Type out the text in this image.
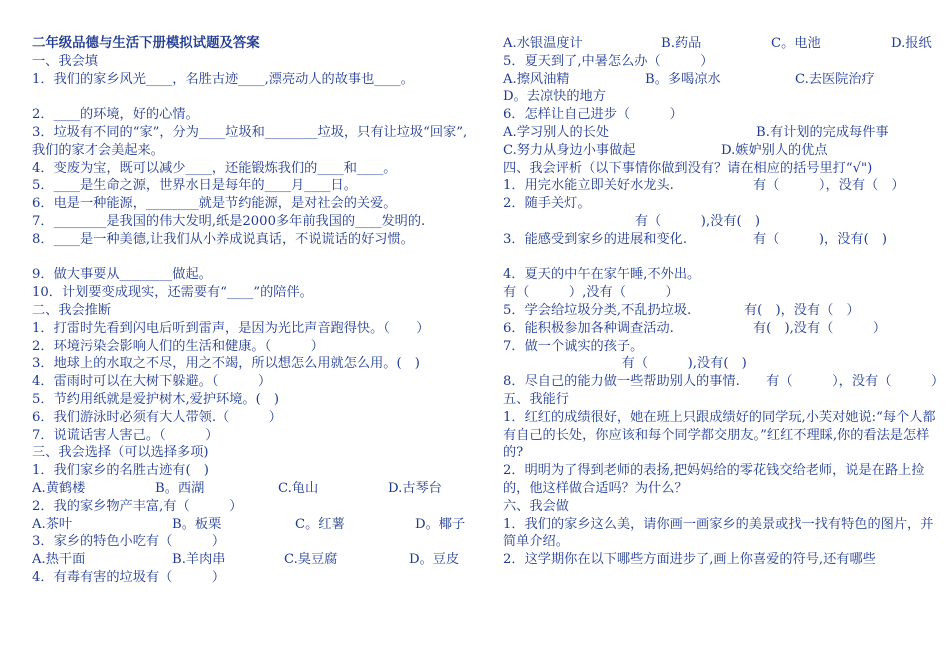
二年级品德与生活下册模拟试题及答案
一、我会填
1．我们的家乡风光____，名胜古迹____,漂亮动人的故事也____。
2．____的环境，好的心情。
3．垃圾有不同的“家”，分为____垃圾和________垃圾，只有让垃圾“回家”,我们的家才会美起来。
4．变废为宝，既可以减少____，还能锻炼我们的____和____。
5．____是生命之源，世界水日是每年的____月____日。
6．电是一种能源，________就是节约能源，是对社会的关爱。
7．________是我国的伟大发明,纸是2000多年前我国的____发明的.
8．____是一种美德,让我们从小养成说真话，不说谎话的好习惯。
9．做大事要从________做起。
10．计划要变成现实，还需要有“____”的陪伴。
二、我会推断
1．打雷时先看到闪电后听到雷声，是因为光比声音跑得快。（　　）
2．环境污染会影响人们的生活和健康。（　　　）
3．地球上的水取之不尽，用之不竭，所以想怎么用就怎么用。(　)
4．雷雨时可以在大树下躲避。（　　　）
5．节约用纸就是爱护树木,爱护环境。(　)
6．我们游泳时必须有大人带领.（　　　）
7．说谎话害人害己。（　　　）
三、我会选择（可以选择多项)
1．我们家乡的名胜古迹有(　)
A.黄鹤楼	B。西湖	C.龟山	D.古琴台
2．我的家乡物产丰富,有（　　　）
A.茶叶	B。板栗	C。红薯	D。椰子
3．家乡的特色小吃有（　　　）
A.热干面	B.羊肉串	C.臭豆腐	D。豆皮
4．有毒有害的垃圾有（　　　）
A.水银温度计	B.药品	C。电池	D.报纸
5．夏天到了,中暑怎么办（　　　）
A.擦风油精	B。多喝凉水	C.去医院治疗
D。去凉快的地方
6．怎样让自己进步（　　　）
A.学习别人的长处	B.有计划的完成每件事
C.努力从身边小事做起	D.嫉妒别人的优点
四、我会评析（以下事情你做到没有？请在相应的括号里打“√")
1．用完水能立即关好水龙头.　　　　　　有（　　　），没有（　）
2．随手关灯。
　　　　　　　　　　有（　　　),没有(　)
3．能感受到家乡的进展和变化.　　　　　有（　　　)，没有(　)
4．夏天的中午在家午睡,不外出。
有（　　　）,没有（　　　）
5．学会给垃圾分类,不乱扔垃圾.　　　　有(　)，没有（　）
6．能积极参加各种调查活动.　　　　　　有(　),没有（　　　）
7．做一个诚实的孩子。
　　　　　　　　　有（　　　),没有(　)
8．尽自己的能力做一些帮助别人的事情.　　有（　　　），没有（　　　）
五、我能行
1．红红的成绩很好，她在班上只跟成绩好的同学玩,小芙对她说:“每个人都有自己的长处，你应该和每个同学都交朋友。”红红不理睬,你的看法是怎样的?
2．明明为了得到老师的表扬,把妈妈给的零花钱交给老师，说是在路上捡的，他这样做合适吗？为什么？
六、我会做
1．我们的家乡这么美，请你画一画家乡的美景或找一找有特色的图片，并简单介绍。
2．这学期你在以下哪些方面进步了,画上你喜爱的符号,还有哪些
